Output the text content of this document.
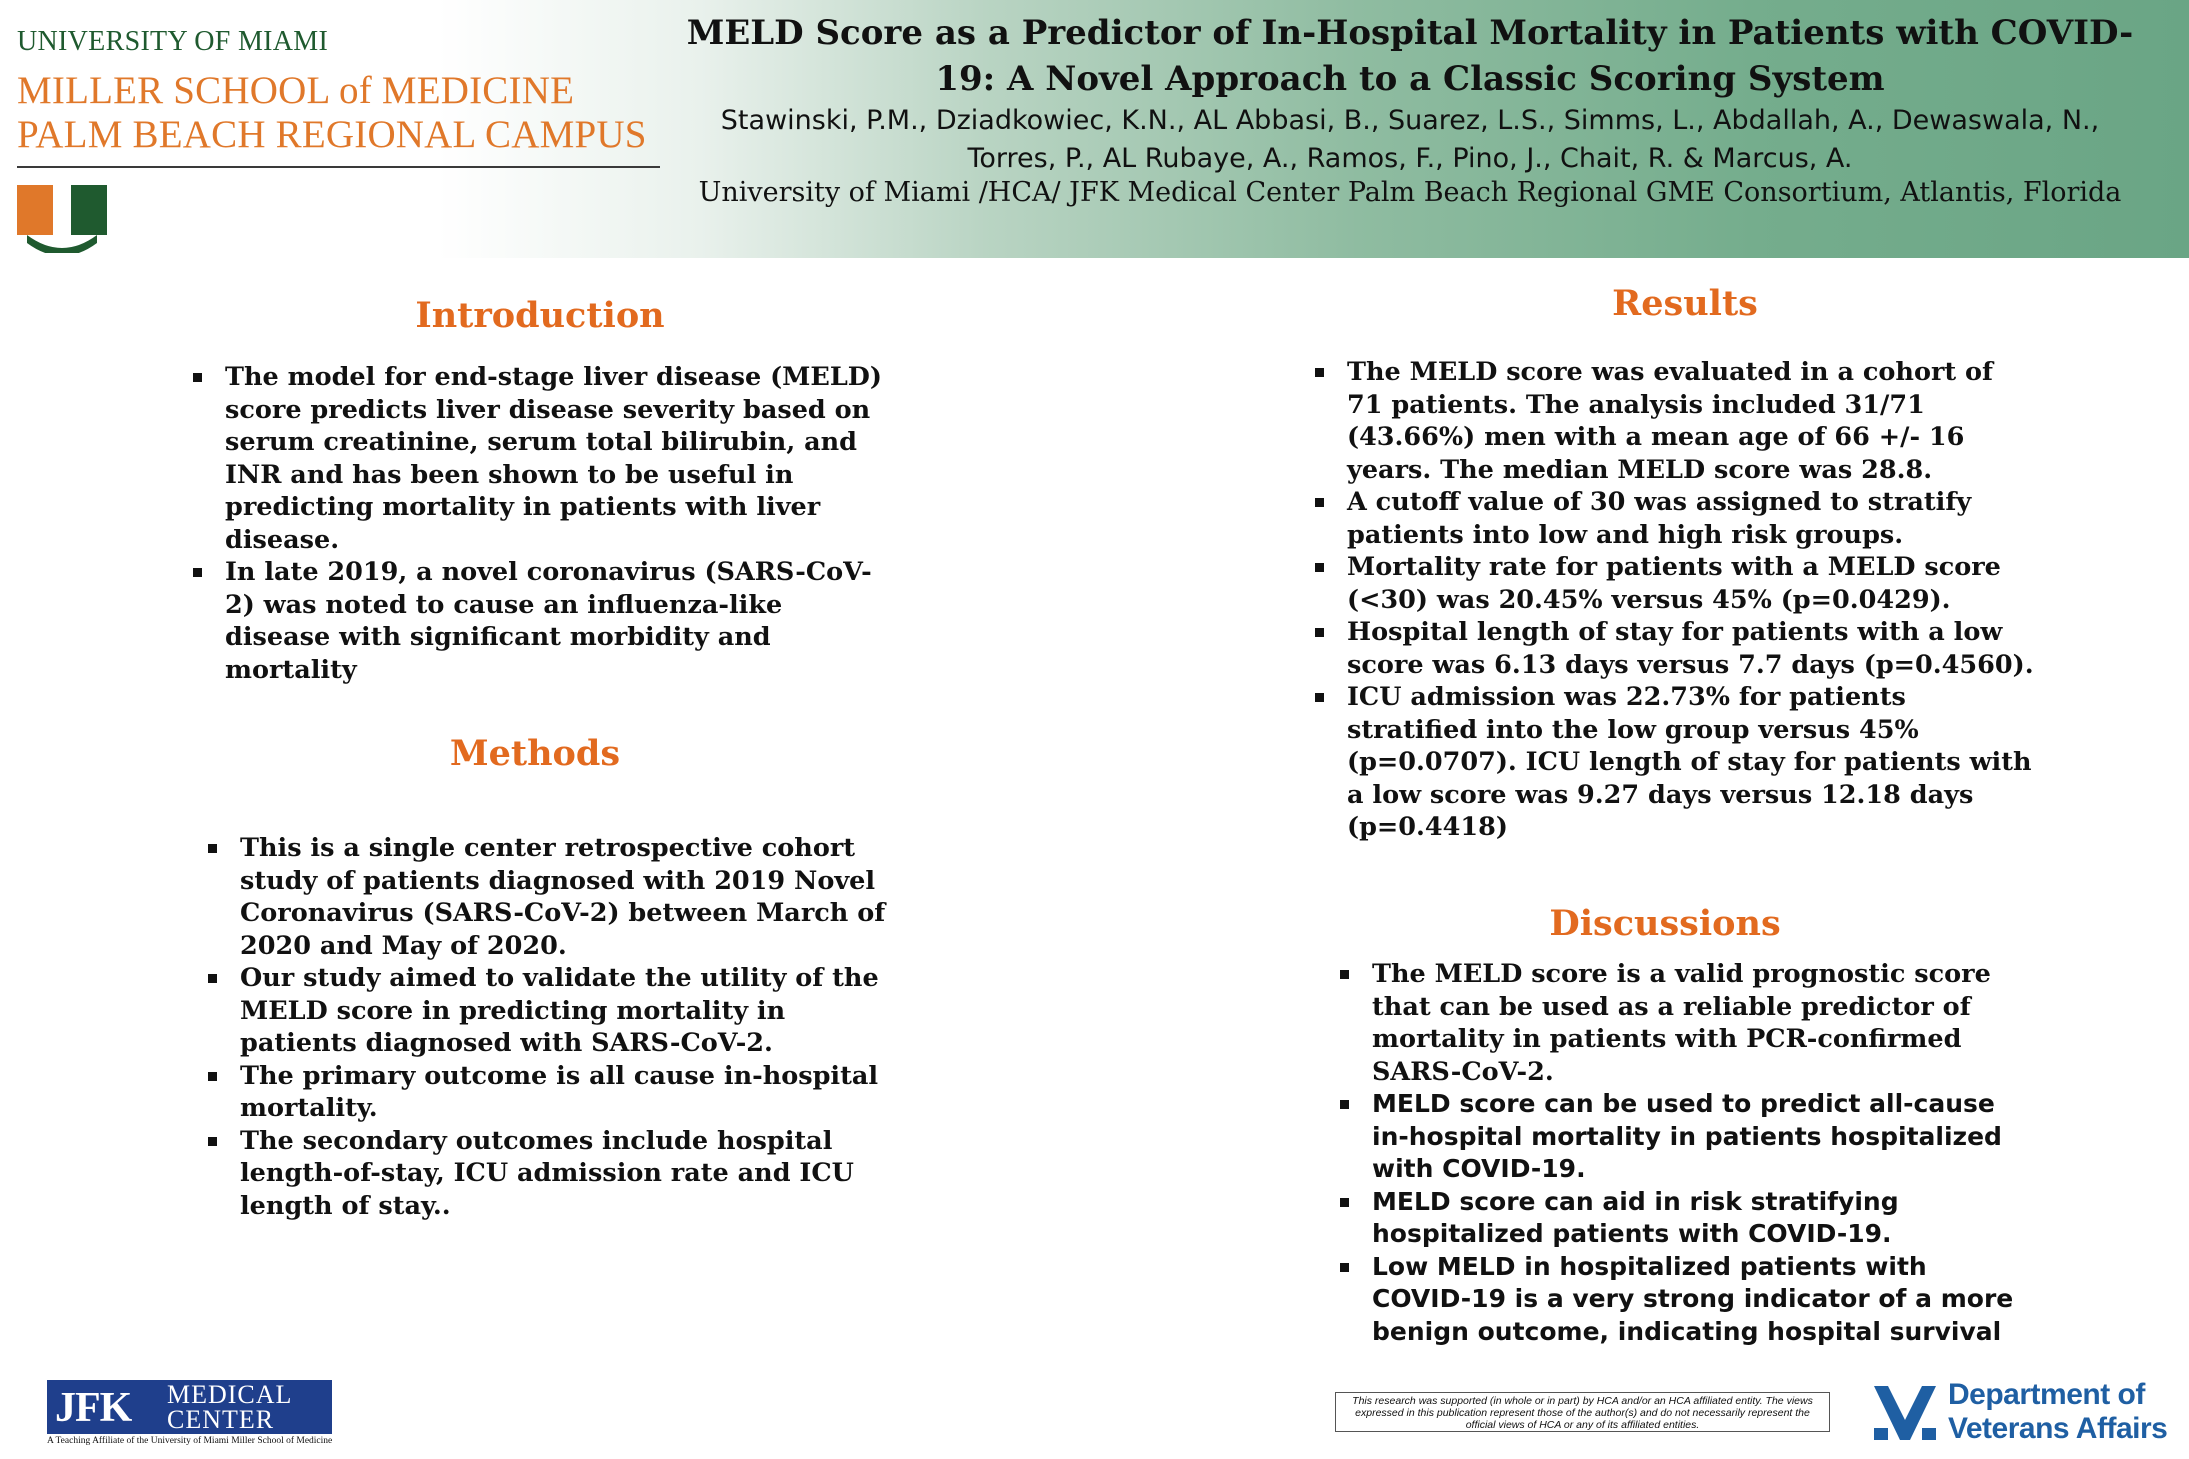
UNIVERSITY OF MIAMI
MILLER SCHOOL of MEDICINE
PALM BEACH REGIONAL CAMPUS
MELD Score as a Predictor of In-Hospital Mortality in Patients with COVID-19: A Novel Approach to a Classic Scoring System
Stawinski, P.M., Dziadkowiec, K.N., AL Abbasi, B., Suarez, L.S., Simms, L., Abdallah, A., Dewaswala, N.,
Torres, P., AL Rubaye, A., Ramos, F., Pino, J., Chait, R. & Marcus, A.
University of Miami /HCA/ JFK Medical Center Palm Beach Regional GME Consortium, Atlantis, Florida
Introduction
The model for end-stage liver disease (MELD) score predicts liver disease severity based on serum creatinine, serum total bilirubin, and INR and has been shown to be useful in predicting mortality in patients with liver disease.
In late 2019, a novel coronavirus (SARS-CoV-2) was noted to cause an influenza-like disease with significant morbidity and mortality
Methods
This is a single center retrospective cohort study of patients diagnosed with 2019 Novel Coronavirus (SARS-CoV-2) between March of 2020 and May of 2020.
Our study aimed to validate the utility of the MELD score in predicting mortality in patients diagnosed with SARS-CoV-2.
The primary outcome is all cause in-hospital mortality.
The secondary outcomes include hospital length-of-stay, ICU admission rate and ICU length of stay..
Results
The MELD score was evaluated in a cohort of 71 patients. The analysis included 31/71 (43.66%) men with a mean age of 66 +/- 16 years. The median MELD score was 28.8.
A cutoff value of 30 was assigned to stratify patients into low and high risk groups.
Mortality rate for patients with a MELD score (<30) was 20.45% versus 45% (p=0.0429).
Hospital length of stay for patients with a low score was 6.13 days versus 7.7 days (p=0.4560).
ICU admission was 22.73% for patients stratified into the low group versus 45% (p=0.0707). ICU length of stay for patients with a low score was 9.27 days versus 12.18 days (p=0.4418)
Discussions
The MELD score is a valid prognostic score that can be used as a reliable predictor of mortality in patients with PCR-confirmed SARS-CoV-2.
MELD score can be used to predict all-cause in-hospital mortality in patients hospitalized with COVID-19.
MELD score can aid in risk stratifying hospitalized patients with COVID-19.
Low MELD in hospitalized patients with COVID-19 is a very strong indicator of a more benign outcome, indicating hospital survival
JFK MEDICAL
CENTER
A Teaching Affiliate of the University of Miami Miller School of Medicine
This research was supported (in whole or in part) by HCA and/or an HCA affiliated entity. The views expressed in this publication represent those of the author(s) and do not necessarily represent the official views of HCA or any of its affiliated entities.
Department of
Veterans Affairs
